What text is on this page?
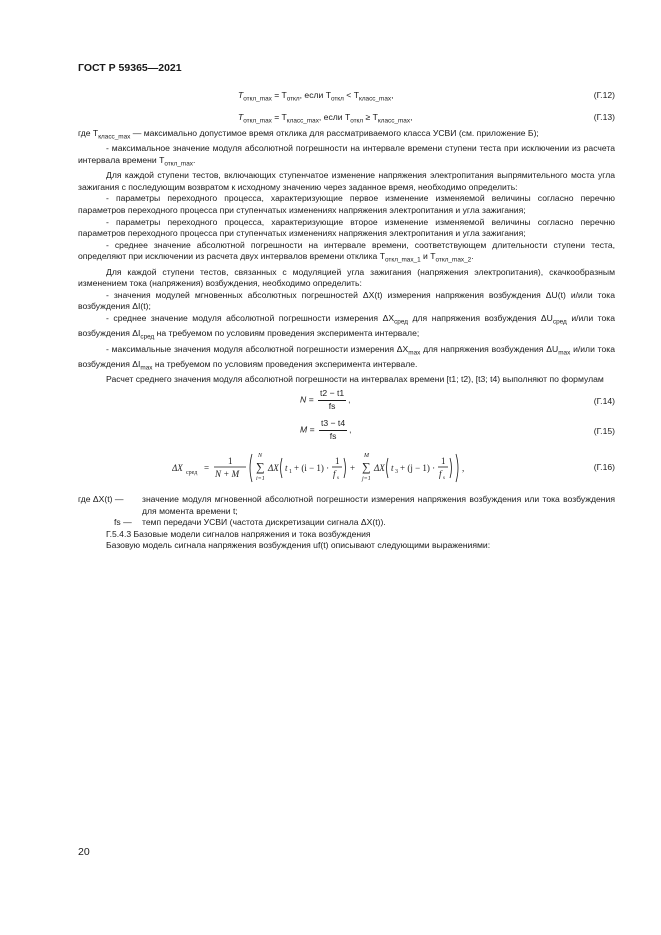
ГОСТ Р 59365—2021
$T_{откл\_max} = T_{откл}$, если $T_{откл} < T_{класс\_max}$,	(Г.12)
$T_{откл\_max} = T_{класс\_max}$, если $T_{откл} \ge T_{класс\_max}$,	(Г.13)

где $T_{класс\_max}$ — максимально допустимое время отклика для рассматриваемого класса УСВИ (см. приложение Б);

- максимальное значение модуля абсолютной погрешности на интервале времени ступени теста при исключении из расчета интервала времени $T_{откл\_max}$.

Для каждой ступени тестов, включающих ступенчатое изменение напряжения электропитания выпрямительного моста угла зажигания с последующим возвратом к исходному значению через заданное время, необходимо определить:

- параметры переходного процесса, характеризующие первое изменение изменяемой величины согласно перечню параметров переходного процесса при ступенчатых изменениях напряжения электропитания и угла зажигания;

- параметры переходного процесса, характеризующие второе изменение изменяемой величины согласно перечню параметров переходного процесса при ступенчатых изменениях напряжения электропитания и угла зажигания;

- среднее значение абсолютной погрешности на интервале времени, соответствующем длительности ступени теста, определяют при исключении из расчета двух интервалов времени отклика $T_{откл\_max\_1}$ и $T_{откл\_max\_2}$.

Для каждой ступени тестов, связанных с модуляцией угла зажигания (напряжения электропитания), скачкообразным изменением тока (напряжения) возбуждения, необходимо определить:

- значения модулей мгновенных абсолютных погрешностей ΔX(t) измерения напряжения возбуждения ΔU(t) и/или тока возбуждения ΔI(t);

- среднее значение модуля абсолютной погрешности измерения $\Delta X_{сред}$ для напряжения возбуждения $\Delta U_{сред}$ и/или тока возбуждения $\Delta I_{сред}$ на требуемом по условиям проведения эксперимента интервале;

- максимальные значения модуля абсолютной погрешности измерения $\Delta X_{max}$ для напряжения возбуждения $\Delta U_{max}$ и/или тока возбуждения $\Delta I_{max}$ на требуемом по условиям проведения эксперимента интервале.

Расчет среднего значения модуля абсолютной погрешности на интервалах времени [t1; t2), [t3; t4) выполняют по формулам

$N = \frac{t2 - t1}{fs}$ ,	(Г.14)
$M = \frac{t3 - t4}{fs}$ ,	(Г.15)
ΔX сред =
1
N + M
N
∑
i=1
ΔX t 1 + (i − 1) ·
1
f s
+
M
∑
j=1
ΔX t 3 + (j − 1) ·
1
f s
,	(Г.16)
где ΔX(t) — значение модуля мгновенной абсолютной погрешности измерения напряжения возбуждения или тока возбуждения для момента времени t;
fs — темп передачи УСВИ (частота дискретизации сигнала ΔX(t)).

Г.5.4.3 Базовые модели сигналов напряжения и тока возбуждения

Базовую модель сигнала напряжения возбуждения uf(t) описывают следующими выражениями:

20
